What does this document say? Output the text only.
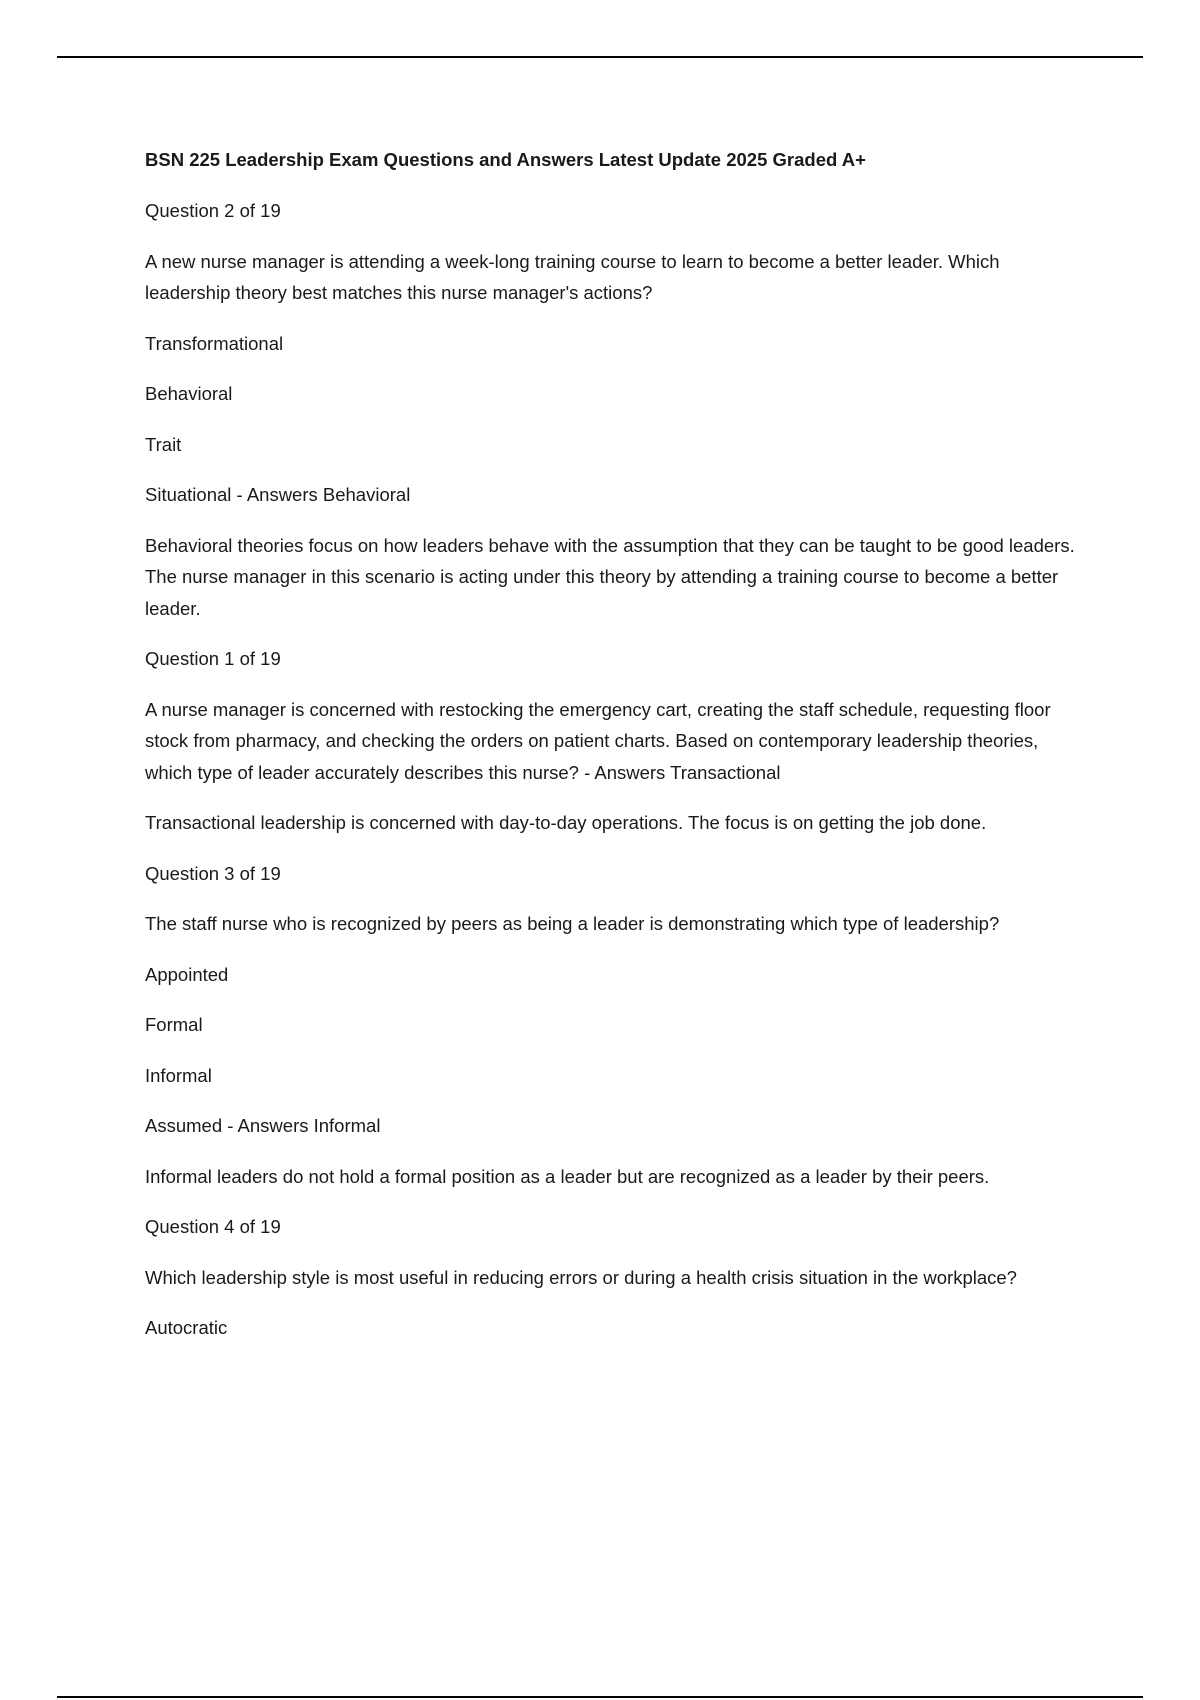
BSN 225 Leadership Exam Questions and Answers Latest Update 2025 Graded A+
Question 2 of 19
A new nurse manager is attending a week-long training course to learn to become a better leader. Which leadership theory best matches this nurse manager's actions?
Transformational
Behavioral
Trait
Situational - Answers Behavioral
Behavioral theories focus on how leaders behave with the assumption that they can be taught to be good leaders. The nurse manager in this scenario is acting under this theory by attending a training course to become a better leader.
Question 1 of 19
A nurse manager is concerned with restocking the emergency cart, creating the staff schedule, requesting floor stock from pharmacy, and checking the orders on patient charts. Based on contemporary leadership theories, which type of leader accurately describes this nurse? - Answers Transactional
Transactional leadership is concerned with day-to-day operations. The focus is on getting the job done.
Question 3 of 19
The staff nurse who is recognized by peers as being a leader is demonstrating which type of leadership?
Appointed
Formal
Informal
Assumed - Answers Informal
Informal leaders do not hold a formal position as a leader but are recognized as a leader by their peers.
Question 4 of 19
Which leadership style is most useful in reducing errors or during a health crisis situation in the workplace?
Autocratic
